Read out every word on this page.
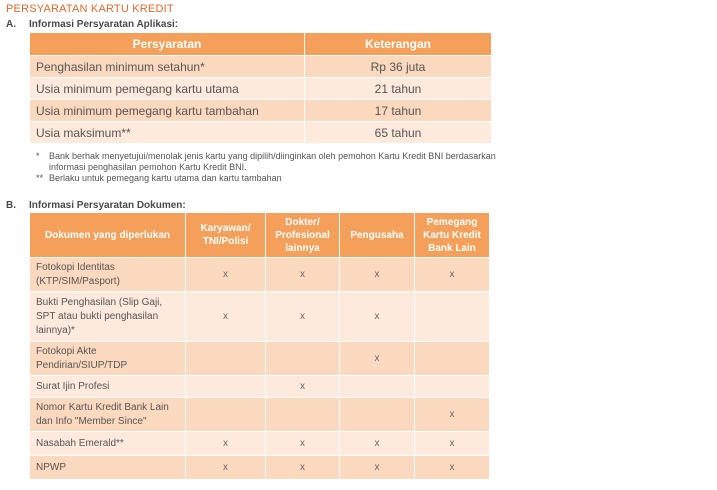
PERSYARATAN KARTU KREDIT
A. Informasi Persyaratan Aplikasi:
Persyaratan	Keterangan
Penghasilan minimum setahun*	Rp 36 juta
Usia minimum pemegang kartu utama	21 tahun
Usia minimum pemegang kartu tambahan	17 tahun
Usia maksimum**	65 tahun
*	Bank berhak menyetujui/menolak jenis kartu yang dipilih/diinginkan oleh pemohon Kartu Kredit BNI berdasarkan informasi penghasilan pemohon Kartu Kredit BNI.
** Berlaku untuk pemegang kartu utama dan kartu tambahan
B. Informasi Persyaratan Dokumen:
Dokumen yang diperlukan	Karyawan/ TNI/Polisi	Dokter/ Profesional lainnya	Pengusaha	Pemegang Kartu Kredit Bank Lain
Fotokopi Identitas (KTP/SIM/Pasport)	x	x	x	x
Bukti Penghasilan (Slip Gaji, SPT atau bukti penghasilan lainnya)*	x	x	x	
Fotokopi Akte Pendirian/SIUP/TDP			x	
Surat Ijin Profesi		x		
Nomor Kartu Kredit Bank Lain dan Info "Member Since"				x
Nasabah Emerald**	x	x	x	x
NPWP	x	x	x	x
